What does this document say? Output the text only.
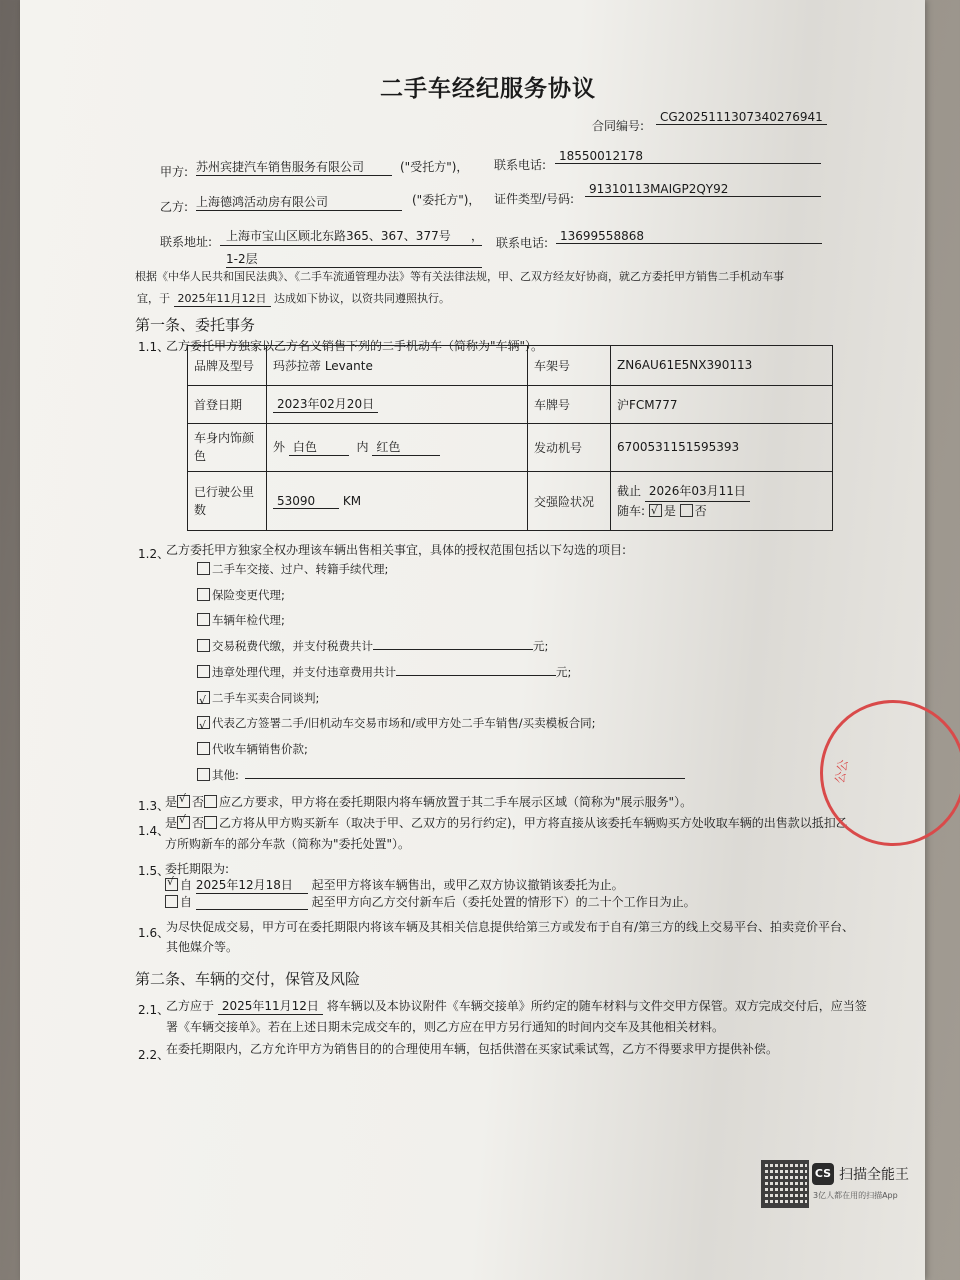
二手车经纪服务协议
合同编号:
CG2025111307340276941
甲方: 苏州宾捷汽车销售服务有限公司	("受托方")， 联系电话:
18550012178
乙方: 上海德鸿活动房有限公司	("委托方")， 证件类型/号码:
91310113MAIGP2QY92
联系地址: 上海市宝山区顾北东路365、367、377号 ，
1-2层
联系电话: 13699558868
根据《中华人民共和国民法典》、《二手车流通管理办法》等有关法律法规，甲、乙双方经友好协商，就乙方委托甲方销售二手机动车事
宜，于 2025年11月12日 达成如下协议，以资共同遵照执行。
第一条、委托事务
1.1、
乙方委托甲方独家以乙方名义销售下列的二手机动车（简称为"车辆"）。
品牌及型号	玛莎拉蒂 Levante	车架号	ZN6AU61E5NX390113
首登日期	2023年02月20日	车牌号	沪FCM777
车身内饰颜色	外 白色 内 红色	发动机号	6700531151595393
已行驶公里数	53090 KM	交强险状况	截止 2026年03月11日
随车: √ 是 否
1.2、
乙方委托甲方独家全权办理该车辆出售相关事宜，具体的授权范围包括以下勾选的项目:
二手车交接、过户、转籍手续代理;
保险变更代理;
车辆年检代理;
交易税费代缴，并支付税费共计	元;
违章处理代理，并支付违章费用共计	元;
√二手车买卖合同谈判;
√代表乙方签署二手/旧机动车交易市场和/或甲方处二手车销售/买卖模板合同;
代收车辆销售价款;
其他:
1.3、
是 √ 否 应乙方要求，甲方将在委托期限内将车辆放置于其二手车展示区域（简称为"展示服务"）。
1.4、
是 √ 否 乙方将从甲方购买新车（取决于甲、乙双方的另行约定)，甲方将直接从该委托车辆购买方处收取车辆的出售款以抵扣乙
方所购新车的部分车款（简称为"委托处置"）。
1.5、
委托期限为:
√自 2025年12月18日 起至甲方将该车辆售出，或甲乙双方协议撤销该委托为止。
自	起至甲方向乙方交付新车后（委托处置的情形下）的二十个工作日为止。
1.6、
为尽快促成交易，甲方可在委托期限内将该车辆及其相关信息提供给第三方或发布于自有/第三方的线上交易平台、拍卖竞价平台、
其他媒介等。
第二条、车辆的交付，保管及风险
2.1、
乙方应于 2025年11月12日 将车辆以及本协议附件《车辆交接单》所约定的随车材料与文件交甲方保管。双方完成交付后，应当签
署《车辆交接单》。若在上述日期未完成交车的，则乙方应在甲方另行通知的时间内交车及其他相关材料。
2.2、
在委托期限内，乙方允许甲方为销售目的的合理使用车辆，包括供潜在买家试乘试驾，乙方不得要求甲方提供补偿。
CS 扫描全能王
3亿人都在用的扫描App
公公
